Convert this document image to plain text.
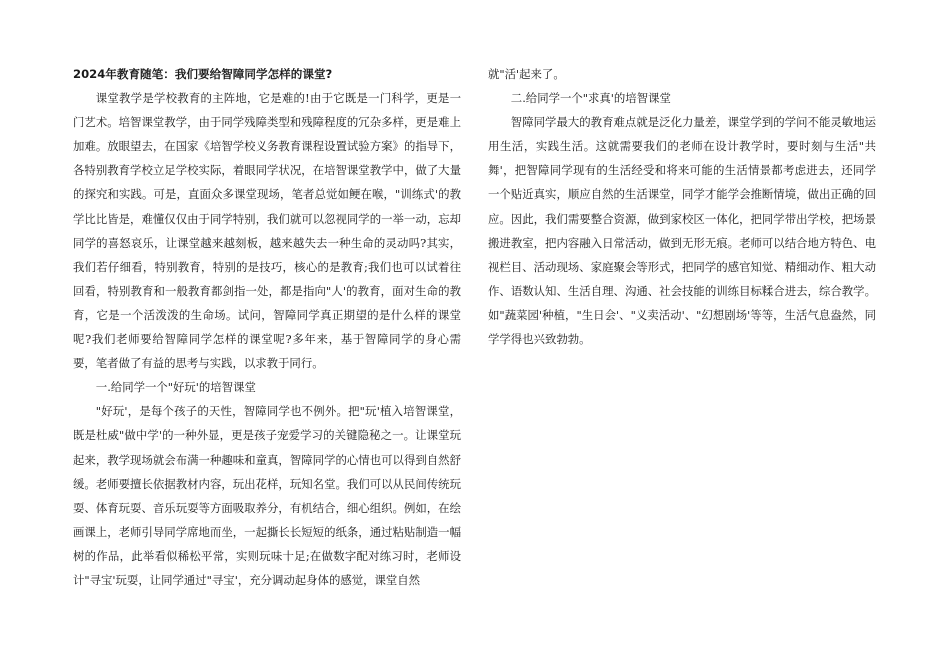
2024年教育随笔：我们要给智障同学怎样的课堂?

课堂教学是学校教育的主阵地，它是难的!由于它既是一门科学，更是一门艺术。培智课堂教学，由于同学残障类型和残障程度的冗杂多样，更是难上加难。放眼望去，在国家《培智学校义务教育课程设置试验方案》的指导下，各特别教育学校立足学校实际，着眼同学状况，在培智课堂教学中，做了大量的探究和实践。可是，直面众多课堂现场，笔者总觉如鲠在喉，"训练式'的教学比比皆是，难懂仅仅由于同学特别，我们就可以忽视同学的一举一动，忘却同学的喜怒哀乐，让课堂越来越刻板，越来越失去一种生命的灵动吗?其实，我们若仔细看，特别教育，特别的是技巧，核心的是教育;我们也可以试着往回看，特别教育和一般教育都剑指一处，都是指向"人'的教育，面对生命的教育，它是一个活泼泼的生命场。试问，智障同学真正期望的是什么样的课堂呢?我们老师要给智障同学怎样的课堂呢?多年来，基于智障同学的身心需要，笔者做了有益的思考与实践，以求教于同行。

一.给同学一个"好玩'的培智课堂

"好玩'，是每个孩子的天性，智障同学也不例外。把"玩'植入培智课堂，既是杜威"做中学'的一种外显，更是孩子宠爱学习的关键隐秘之一。让课堂玩起来，教学现场就会布满一种趣味和童真，智障同学的心情也可以得到自然舒缓。老师要擅长依据教材内容，玩出花样，玩知名堂。我们可以从民间传统玩耍、体育玩耍、音乐玩耍等方面吸取养分，有机结合，细心组织。例如，在绘画课上，老师引导同学席地而坐，一起撕长长短短的纸条，通过粘贴制造一幅树的作品，此举看似稀松平常，实则玩味十足;在做数字配对练习时，老师设计"寻宝'玩耍，让同学通过"寻宝'，充分调动起身体的感觉，课堂自然

就"活'起来了。

二.给同学一个"求真'的培智课堂

智障同学最大的教育难点就是泛化力量差，课堂学到的学问不能灵敏地运用生活，实践生活。这就需要我们的老师在设计教学时，要时刻与生活"共舞'，把智障同学现有的生活经受和将来可能的生活情景都考虑进去，还同学一个贴近真实，顺应自然的生活课堂，同学才能学会推断情境，做出正确的回应。因此，我们需要整合资源，做到家校区一体化，把同学带出学校，把场景搬进教室，把内容融入日常活动，做到无形无痕。老师可以结合地方特色、电视栏目、活动现场、家庭聚会等形式，把同学的感官知觉、精细动作、粗大动作、语数认知、生活自理、沟通、社会技能的训练目标糅合进去，综合教学。如"蔬菜园'种植，"生日会'、"义卖活动'、"幻想剧场'等等，生活气息盎然，同学学得也兴致勃勃。
